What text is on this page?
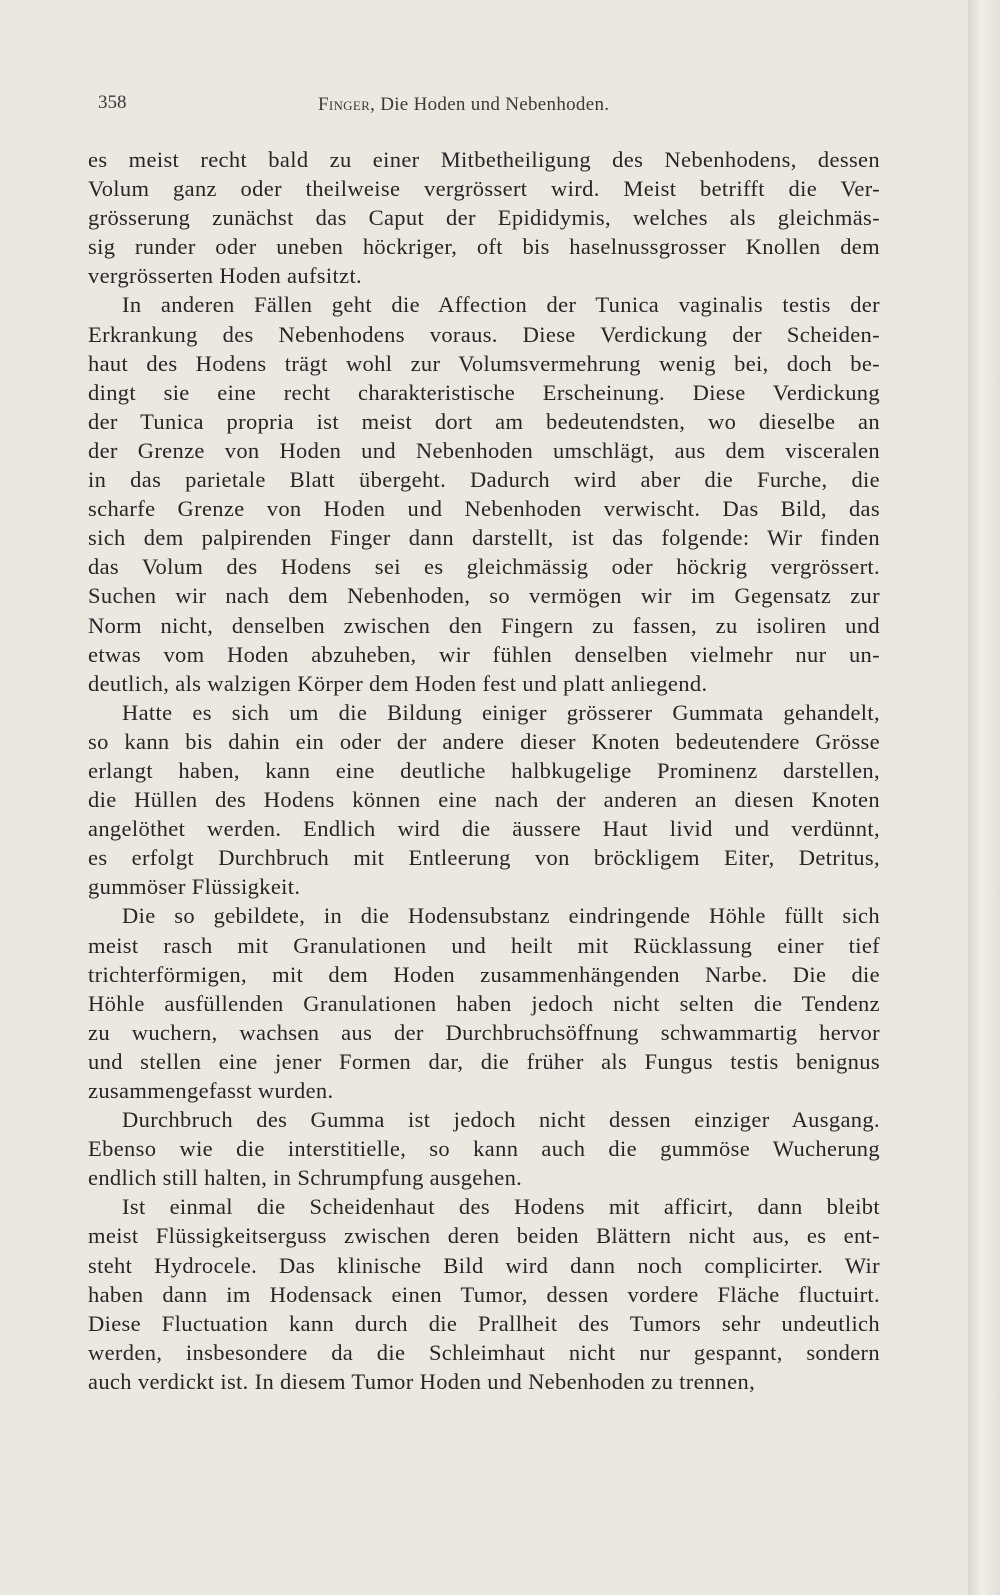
358	Finger, Die Hoden und Nebenhoden.
es meist recht bald zu einer Mitbetheiligung des Nebenhodens, dessen
Volum ganz oder theilweise vergrössert wird. Meist betrifft die Ver-
grösserung zunächst das Caput der Epididymis, welches als gleichmäs-
sig runder oder uneben höckriger, oft bis haselnussgrosser Knollen dem
vergrösserten Hoden aufsitzt.
In anderen Fällen geht die Affection der Tunica vaginalis testis der
Erkrankung des Nebenhodens voraus. Diese Verdickung der Scheiden-
haut des Hodens trägt wohl zur Volumsvermehrung wenig bei, doch be-
dingt sie eine recht charakteristische Erscheinung. Diese Verdickung
der Tunica propria ist meist dort am bedeutendsten, wo dieselbe an
der Grenze von Hoden und Nebenhoden umschlägt, aus dem visceralen
in das parietale Blatt übergeht. Dadurch wird aber die Furche, die
scharfe Grenze von Hoden und Nebenhoden verwischt. Das Bild, das
sich dem palpirenden Finger dann darstellt, ist das folgende: Wir finden
das Volum des Hodens sei es gleichmässig oder höckrig vergrössert.
Suchen wir nach dem Nebenhoden, so vermögen wir im Gegensatz zur
Norm nicht, denselben zwischen den Fingern zu fassen, zu isoliren und
etwas vom Hoden abzuheben, wir fühlen denselben vielmehr nur un-
deutlich, als walzigen Körper dem Hoden fest und platt anliegend.
Hatte es sich um die Bildung einiger grösserer Gummata gehandelt,
so kann bis dahin ein oder der andere dieser Knoten bedeutendere Grösse
erlangt haben, kann eine deutliche halbkugelige Prominenz darstellen,
die Hüllen des Hodens können eine nach der anderen an diesen Knoten
angelöthet werden. Endlich wird die äussere Haut livid und verdünnt,
es erfolgt Durchbruch mit Entleerung von bröckligem Eiter, Detritus,
gummöser Flüssigkeit.
Die so gebildete, in die Hodensubstanz eindringende Höhle füllt sich
meist rasch mit Granulationen und heilt mit Rücklassung einer tief
trichterförmigen, mit dem Hoden zusammenhängenden Narbe. Die die
Höhle ausfüllenden Granulationen haben jedoch nicht selten die Tendenz
zu wuchern, wachsen aus der Durchbruchsöffnung schwammartig hervor
und stellen eine jener Formen dar, die früher als Fungus testis benignus
zusammengefasst wurden.
Durchbruch des Gumma ist jedoch nicht dessen einziger Ausgang.
Ebenso wie die interstitielle, so kann auch die gummöse Wucherung
endlich still halten, in Schrumpfung ausgehen.
Ist einmal die Scheidenhaut des Hodens mit afficirt, dann bleibt
meist Flüssigkeitserguss zwischen deren beiden Blättern nicht aus, es ent-
steht Hydrocele. Das klinische Bild wird dann noch complicirter. Wir
haben dann im Hodensack einen Tumor, dessen vordere Fläche fluctuirt.
Diese Fluctuation kann durch die Prallheit des Tumors sehr undeutlich
werden, insbesondere da die Schleimhaut nicht nur gespannt, sondern
auch verdickt ist. In diesem Tumor Hoden und Nebenhoden zu trennen,
